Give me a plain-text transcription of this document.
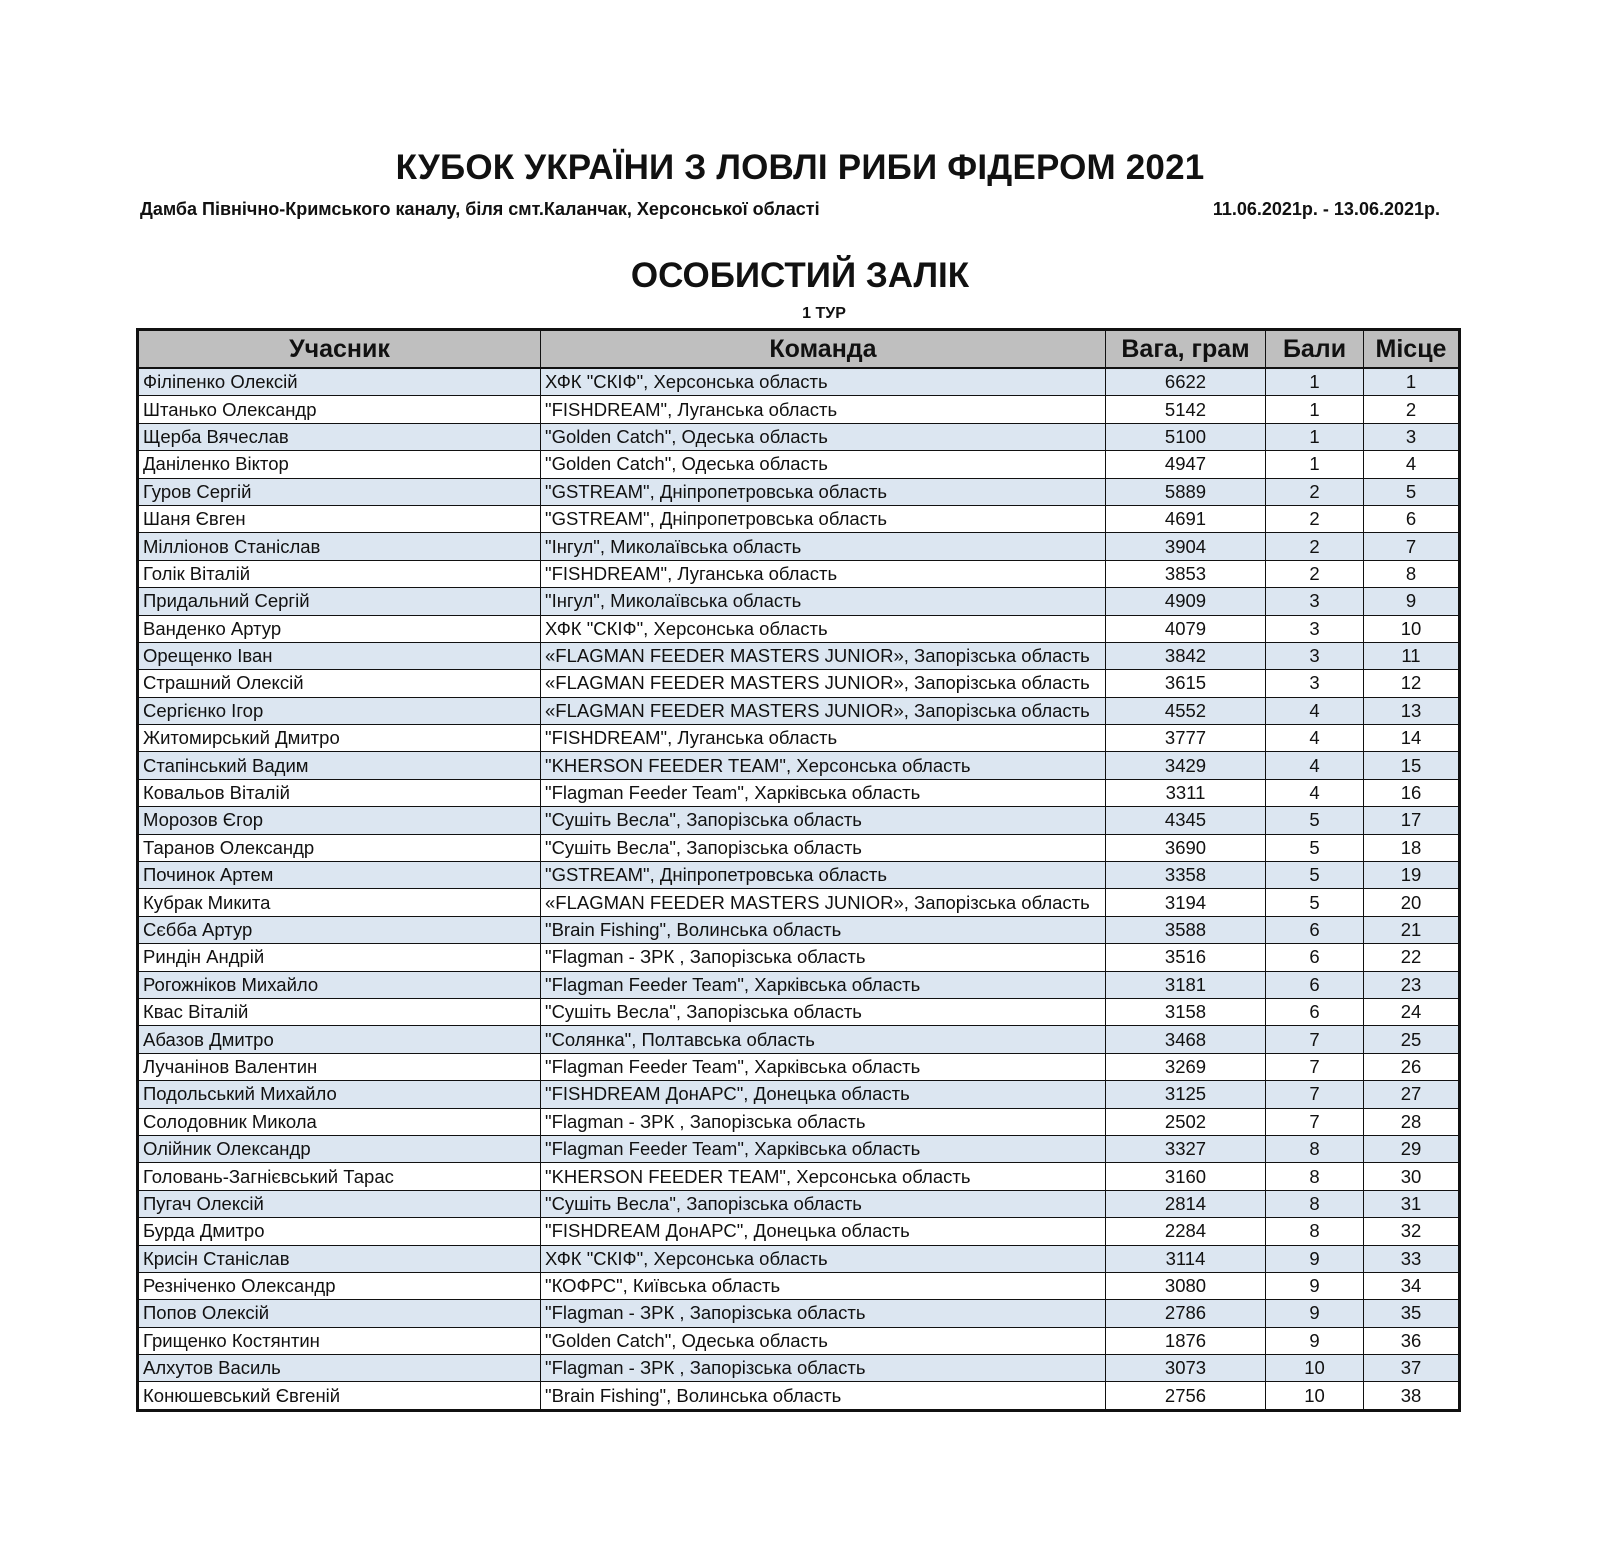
КУБОК УКРАЇНИ З ЛОВЛІ РИБИ ФІДЕРОМ 2021
Дамба Північно-Кримського каналу, біля смт.Каланчак, Херсонської області	11.06.2021р. - 13.06.2021р.
ОСОБИСТИЙ ЗАЛІК
1 ТУР
Учасник	Команда	Вага, грам	Бали	Місце
Філіпенко Олексій	ХФК "СКІФ", Херсонська область	6622	1	1
Штанько Олександр	"FISHDREAM", Луганська область	5142	1	2
Щерба Вячеслав	"Golden Catch", Одеська область	5100	1	3
Даніленко Віктор	"Golden Catch", Одеська область	4947	1	4
Гуров Сергій	"GSTREAM", Дніпропетровська область	5889	2	5
Шаня Євген	"GSTREAM", Дніпропетровська область	4691	2	6
Мілліонов Станіслав	"Інгул", Миколаївська область	3904	2	7
Голік Віталій	"FISHDREAM", Луганська область	3853	2	8
Придальний Сергій	"Інгул", Миколаївська область	4909	3	9
Ванденко Артур	ХФК "СКІФ", Херсонська область	4079	3	10
Орещенко Іван	«FLAGMAN FEEDER MASTERS JUNIOR», Запорізська область	3842	3	11
Страшний Олексій	«FLAGMAN FEEDER MASTERS JUNIOR», Запорізська область	3615	3	12
Сергієнко Ігор	«FLAGMAN FEEDER MASTERS JUNIOR», Запорізська область	4552	4	13
Житомирський Дмитро	"FISHDREAM", Луганська область	3777	4	14
Стапінський Вадим	"KHERSON FEEDER TEAM", Херсонська область	3429	4	15
Ковальов Віталій	"Flagman Feeder Team", Харківська область	3311	4	16
Морозов Єгор	"Сушіть Весла", Запорізська область	4345	5	17
Таранов Олександр	"Сушіть Весла", Запорізська область	3690	5	18
Починок Артем	"GSTREAM", Дніпропетровська область	3358	5	19
Кубрак Микита	«FLAGMAN FEEDER MASTERS JUNIOR», Запорізська область	3194	5	20
Сєбба Артур	"Brain Fishing", Волинська область	3588	6	21
Риндін Андрій	"Flagman - ЗРК , Запорізська область	3516	6	22
Рогожніков Михайло	"Flagman Feeder Team", Харківська область	3181	6	23
Квас Віталій	"Сушіть Весла", Запорізська область	3158	6	24
Абазов Дмитро	"Солянка", Полтавська область	3468	7	25
Лучанінов Валентин	"Flagman Feeder Team", Харківська область	3269	7	26
Подольський Михайло	"FISHDREAM ДонАРС", Донецька область	3125	7	27
Солодовник Микола	"Flagman - ЗРК , Запорізська область	2502	7	28
Олійник Олександр	"Flagman Feeder Team", Харківська область	3327	8	29
Головань-Загнієвський Тарас	"KHERSON FEEDER TEAM", Херсонська область	3160	8	30
Пугач Олексій	"Сушіть Весла", Запорізська область	2814	8	31
Бурда Дмитро	"FISHDREAM ДонАРС", Донецька область	2284	8	32
Крисін Станіслав	ХФК "СКІФ", Херсонська область	3114	9	33
Резніченко Олександр	"КОФРС", Київська область	3080	9	34
Попов Олексій	"Flagman - ЗРК , Запорізська область	2786	9	35
Грищенко Костянтин	"Golden Catch", Одеська область	1876	9	36
Алхутов Василь	"Flagman - ЗРК , Запорізська область	3073	10	37
Конюшевський Євгеній	"Brain Fishing", Волинська область	2756	10	38
